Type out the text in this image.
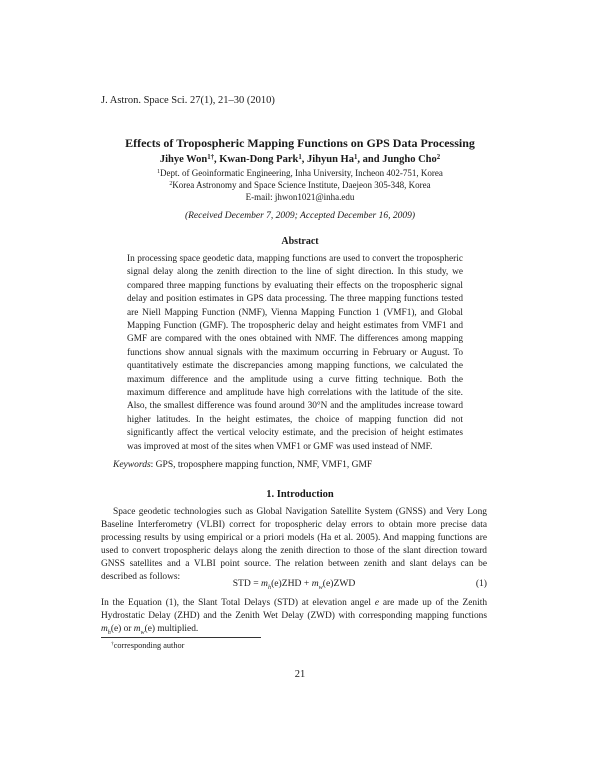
J. Astron. Space Sci. 27(1), 21–30 (2010)
Effects of Tropospheric Mapping Functions on GPS Data Processing
Jihye Won$^{1\dagger}$, Kwan-Dong Park$^1$, Jihyun Ha$^1$, and Jungho Cho$^2$
$^1$Dept. of Geoinformatic Engineering, Inha University, Incheon 402-751, Korea
$^2$Korea Astronomy and Space Science Institute, Daejeon 305-348, Korea
E-mail: jhwon1021@inha.edu
(Received December 7, 2009; Accepted December 16, 2009)
Abstract
In processing space geodetic data, mapping functions are used to convert the tropospheric signal delay along the zenith direction to the line of sight direction. In this study, we compared three mapping functions by evaluating their effects on the tropospheric signal delay and position estimates in GPS data processing. The three mapping functions tested are Niell Mapping Function (NMF), Vienna Mapping Function 1 (VMF1), and Global Mapping Function (GMF). The tropospheric delay and height estimates from VMF1 and GMF are compared with the ones obtained with NMF. The differences among mapping functions show annual signals with the maximum occurring in February or August. To quantitatively estimate the discrepancies among mapping functions, we calculated the maximum difference and the amplitude using a curve fitting technique. Both the maximum difference and amplitude have high correlations with the latitude of the site. Also, the smallest difference was found around 30°N and the amplitudes increase toward higher latitudes. In the height estimates, the choice of mapping function did not significantly affect the vertical velocity estimate, and the precision of height estimates was improved at most of the sites when VMF1 or GMF was used instead of NMF.
Keywords: GPS, troposphere mapping function, NMF, VMF1, GMF
1. Introduction
Space geodetic technologies such as Global Navigation Satellite System (GNSS) and Very Long Baseline Interferometry (VLBI) correct for tropospheric delay errors to obtain more precise data processing results by using empirical or a priori models (Ha et al. 2005). And mapping functions are used to convert tropospheric delays along the zenith direction to those of the slant direction toward GNSS satellites and a VLBI point source. The relation between zenith and slant delays can be described as follows:
STD = $m_h(e)ZHD + m_w(e)ZWD$	(1)
In the Equation (1), the Slant Total Delays (STD) at elevation angel e are made up of the Zenith Hydrostatic Delay (ZHD) and the Zenith Wet Delay (ZWD) with corresponding mapping functions $m_h(e)$ or $m_w(e)$ multiplied.
†corresponding author
21
